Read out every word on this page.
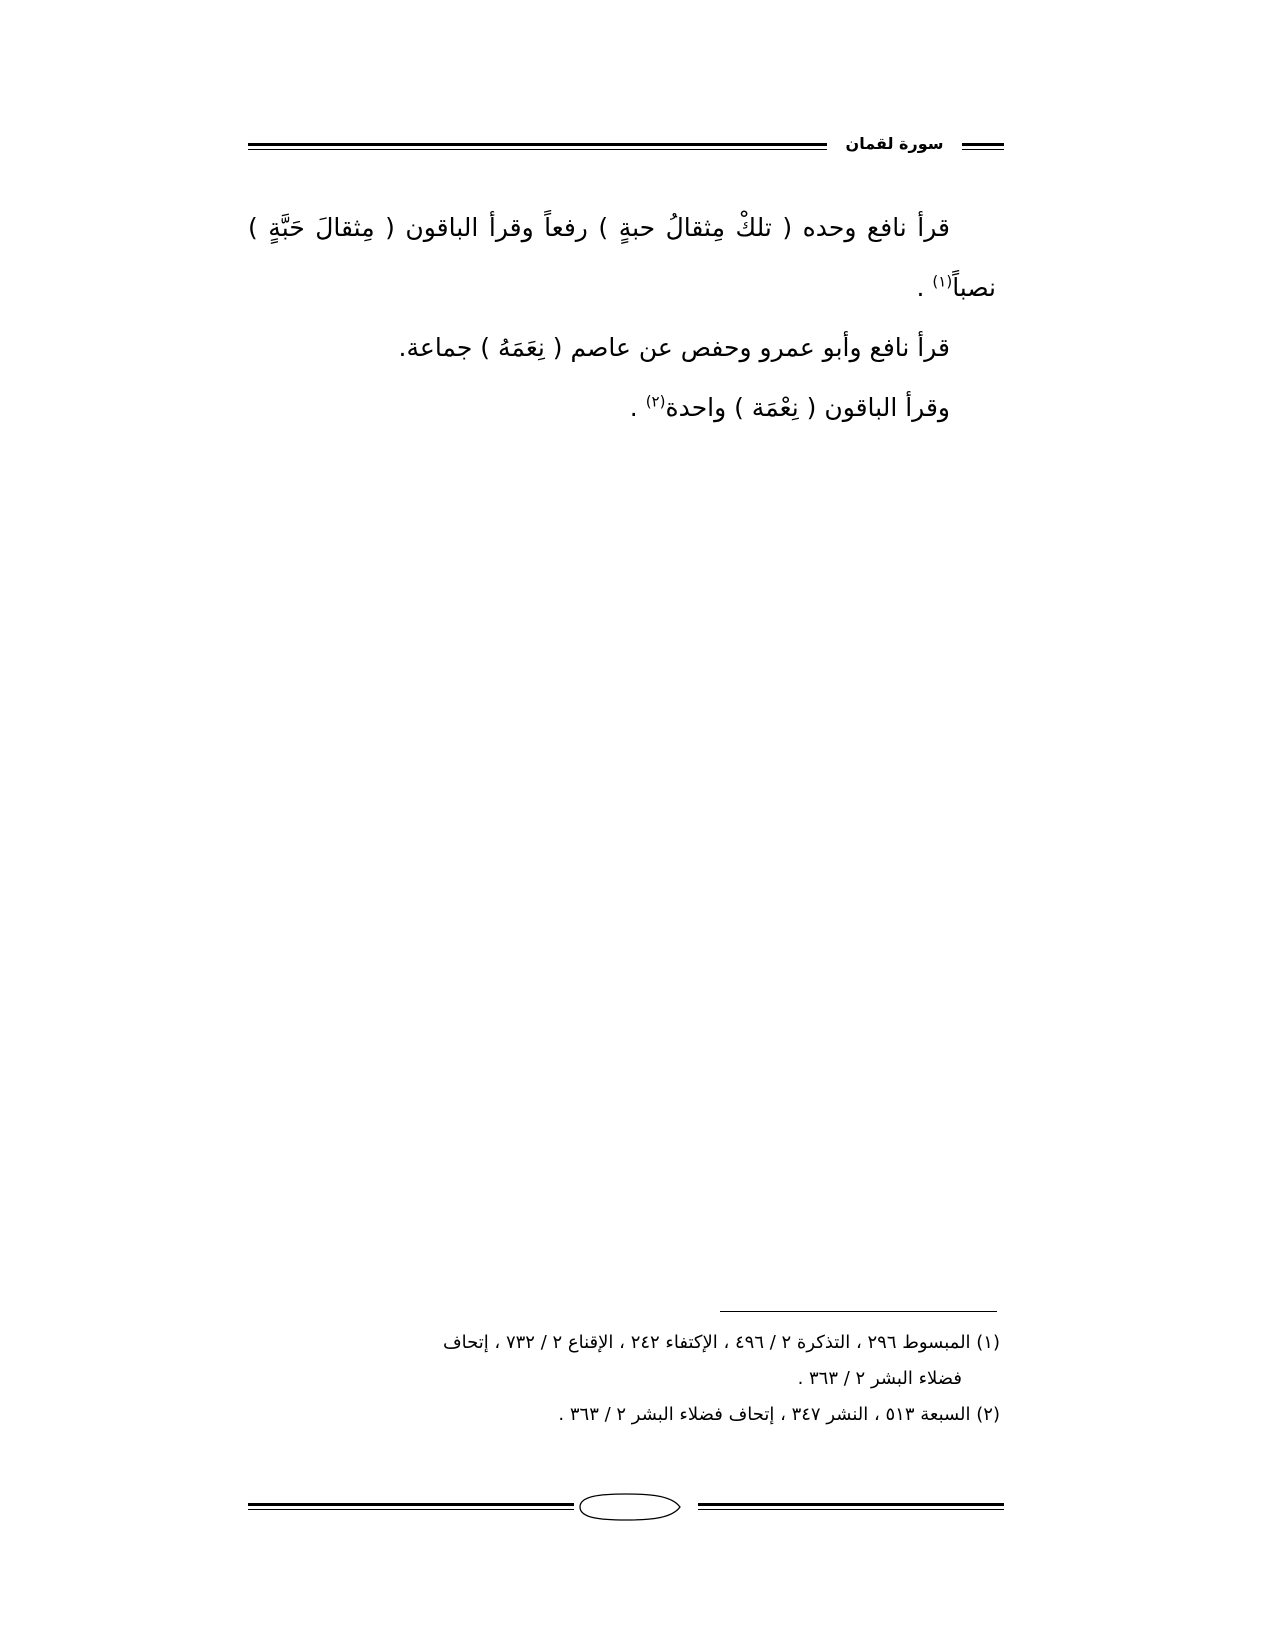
سورة لقمان

قرأ نافع وحده ( تلكْ مِثقالُ حبةٍ ) رفعاً وقرأ الباقون ( مِثقالَ حَبَّةٍ ) نصباً$^{(١)}$ .

قرأ نافع وأبو عمرو وحفص عن عاصم ( نِعَمَهُ ) جماعة.

وقرأ الباقون ( نِعْمَة ) واحدة$^{(٢)}$ .

(١) المبسوط ٢٩٦ ، التذكرة ٢ / ٤٩٦ ، الإكتفاء ٢٤٢ ، الإقناع ٢ / ٧٣٢ ، إتحاف
فضلاء البشر ٢ / ٣٦٣ .

(٢) السبعة ٥١٣ ، النشر ٣٤٧ ، إتحاف فضلاء البشر ٢ / ٣٦٣ .
